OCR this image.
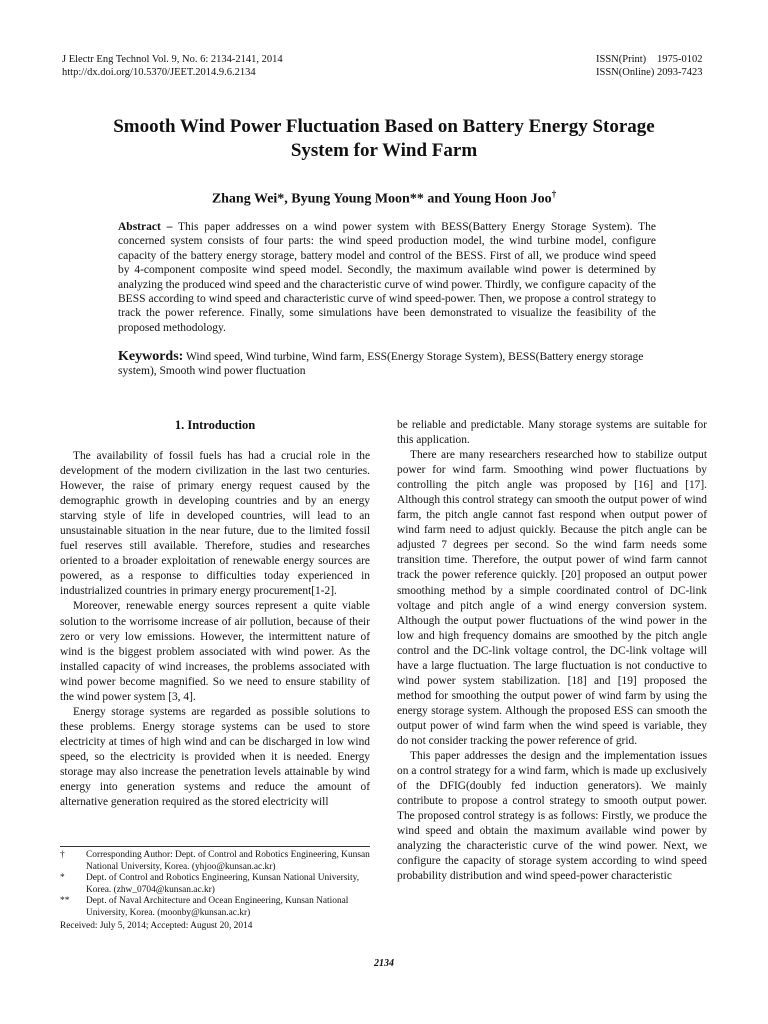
J Electr Eng Technol Vol. 9, No. 6: 2134-2141, 2014
http://dx.doi.org/10.5370/JEET.2014.9.6.2134
ISSN(Print)	1975-0102
ISSN(Online) 2093-7423
Smooth Wind Power Fluctuation Based on Battery Energy Storage
System for Wind Farm
Zhang Wei*, Byung Young Moon** and Young Hoon Joo†
Abstract – This paper addresses on a wind power system with BESS(Battery Energy Storage System). The concerned system consists of four parts: the wind speed production model, the wind turbine model, configure capacity of the battery energy storage, battery model and control of the BESS. First of all, we produce wind speed by 4-component composite wind speed model. Secondly, the maximum available wind power is determined by analyzing the produced wind speed and the characteristic curve of wind power. Thirdly, we configure capacity of the BESS according to wind speed and characteristic curve of wind speed-power. Then, we propose a control strategy to track the power reference. Finally, some simulations have been demonstrated to visualize the feasibility of the proposed methodology.
Keywords: Wind speed, Wind turbine, Wind farm, ESS(Energy Storage System), BESS(Battery energy storage system), Smooth wind power fluctuation
1. Introduction

The availability of fossil fuels has had a crucial role in the development of the modern civilization in the last two centuries. However, the raise of primary energy request caused by the demographic growth in developing countries and by an energy starving style of life in developed countries, will lead to an unsustainable situation in the near future, due to the limited fossil fuel reserves still available. Therefore, studies and researches oriented to a broader exploitation of renewable energy sources are powered, as a response to difficulties today experienced in industrialized countries in primary energy procurement[1-2].

Moreover, renewable energy sources represent a quite viable solution to the worrisome increase of air pollution, because of their zero or very low emissions. However, the intermittent nature of wind is the biggest problem associated with wind power. As the installed capacity of wind increases, the problems associated with wind power become magnified. So we need to ensure stability of the wind power system [3, 4].

Energy storage systems are regarded as possible solutions to these problems. Energy storage systems can be used to store electricity at times of high wind and can be discharged in low wind speed, so the electricity is provided when it is needed. Energy storage may also increase the penetration levels attainable by wind energy into generation systems and reduce the amount of alternative generation required as the stored electricity will

be reliable and predictable. Many storage systems are suitable for this application.

There are many researchers researched how to stabilize output power for wind farm. Smoothing wind power fluctuations by controlling the pitch angle was proposed by [16] and [17]. Although this control strategy can smooth the output power of wind farm, the pitch angle cannot fast respond when output power of wind farm need to adjust quickly. Because the pitch angle can be adjusted 7 degrees per second. So the wind farm needs some transition time. Therefore, the output power of wind farm cannot track the power reference quickly. [20] proposed an output power smoothing method by a simple coordinated control of DC-link voltage and pitch angle of a wind energy conversion system. Although the output power fluctuations of the wind power in the low and high frequency domains are smoothed by the pitch angle control and the DC-link voltage control, the DC-link voltage will have a large fluctuation. The large fluctuation is not conductive to wind power system stabilization. [18] and [19] proposed the method for smoothing the output power of wind farm by using the energy storage system. Although the proposed ESS can smooth the output power of wind farm when the wind speed is variable, they do not consider tracking the power reference of grid.

This paper addresses the design and the implementation issues on a control strategy for a wind farm, which is made up exclusively of the DFIG(doubly fed induction generators). We mainly contribute to propose a control strategy to smooth output power. The proposed control strategy is as follows: Firstly, we produce the wind speed and obtain the maximum available wind power by analyzing the characteristic curve of the wind power. Next, we configure the capacity of storage system according to wind speed probability distribution and wind speed-power characteristic

†	Corresponding Author: Dept. of Control and Robotics Engineering, Kunsan National University, Korea. (yhjoo@kunsan.ac.kr)
*	Dept. of Control and Robotics Engineering, Kunsan National University, Korea. (zhw_0704@kunsan.ac.kr)
**	Dept. of Naval Architecture and Ocean Engineering, Kunsan National University, Korea. (moonby@kunsan.ac.kr)
Received: July 5, 2014; Accepted: August 20, 2014
2134
